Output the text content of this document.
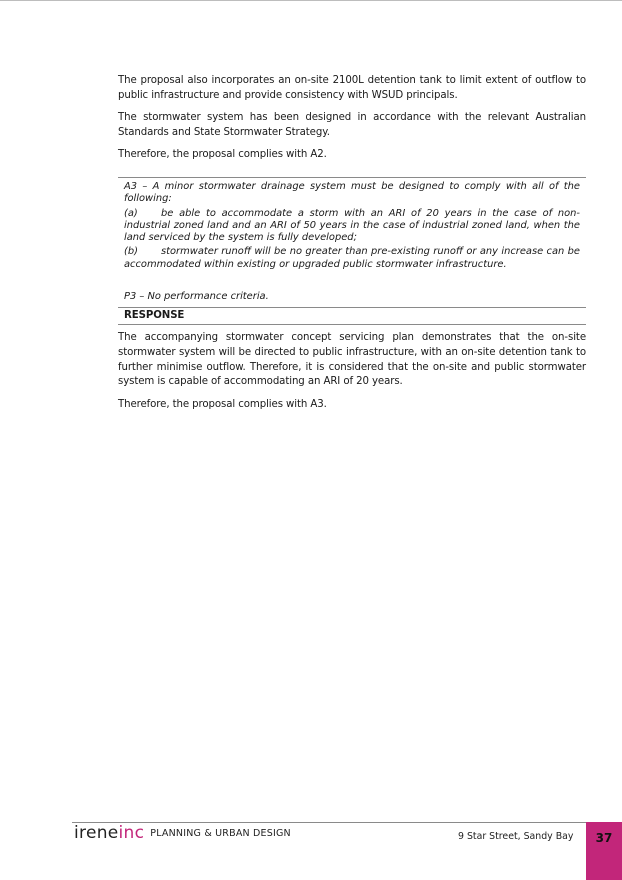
The proposal also incorporates an on-site 2100L detention tank to limit extent of outflow to public infrastructure and provide consistency with WSUD principals.

The stormwater system has been designed in accordance with the relevant Australian Standards and State Stormwater Strategy.

Therefore, the proposal complies with A2.

A3 – A minor stormwater drainage system must be designed to comply with all of the following:
(a) be able to accommodate a storm with an ARI of 20 years in the case of non-industrial zoned land and an ARI of 50 years in the case of industrial zoned land, when the land serviced by the system is fully developed;
(b) stormwater runoff will be no greater than pre-existing runoff or any increase can be accommodated within existing or upgraded public stormwater infrastructure.
P3 – No performance criteria.
RESPONSE

The accompanying stormwater concept servicing plan demonstrates that the on-site stormwater system will be directed to public infrastructure, with an on-site detention tank to further minimise outflow. Therefore, it is considered that the on-site and public stormwater system is capable of accommodating an ARI of 20 years.

Therefore, the proposal complies with A3.

ireneinc PLANNING & URBAN DESIGN	9 Star Street, Sandy Bay	37
